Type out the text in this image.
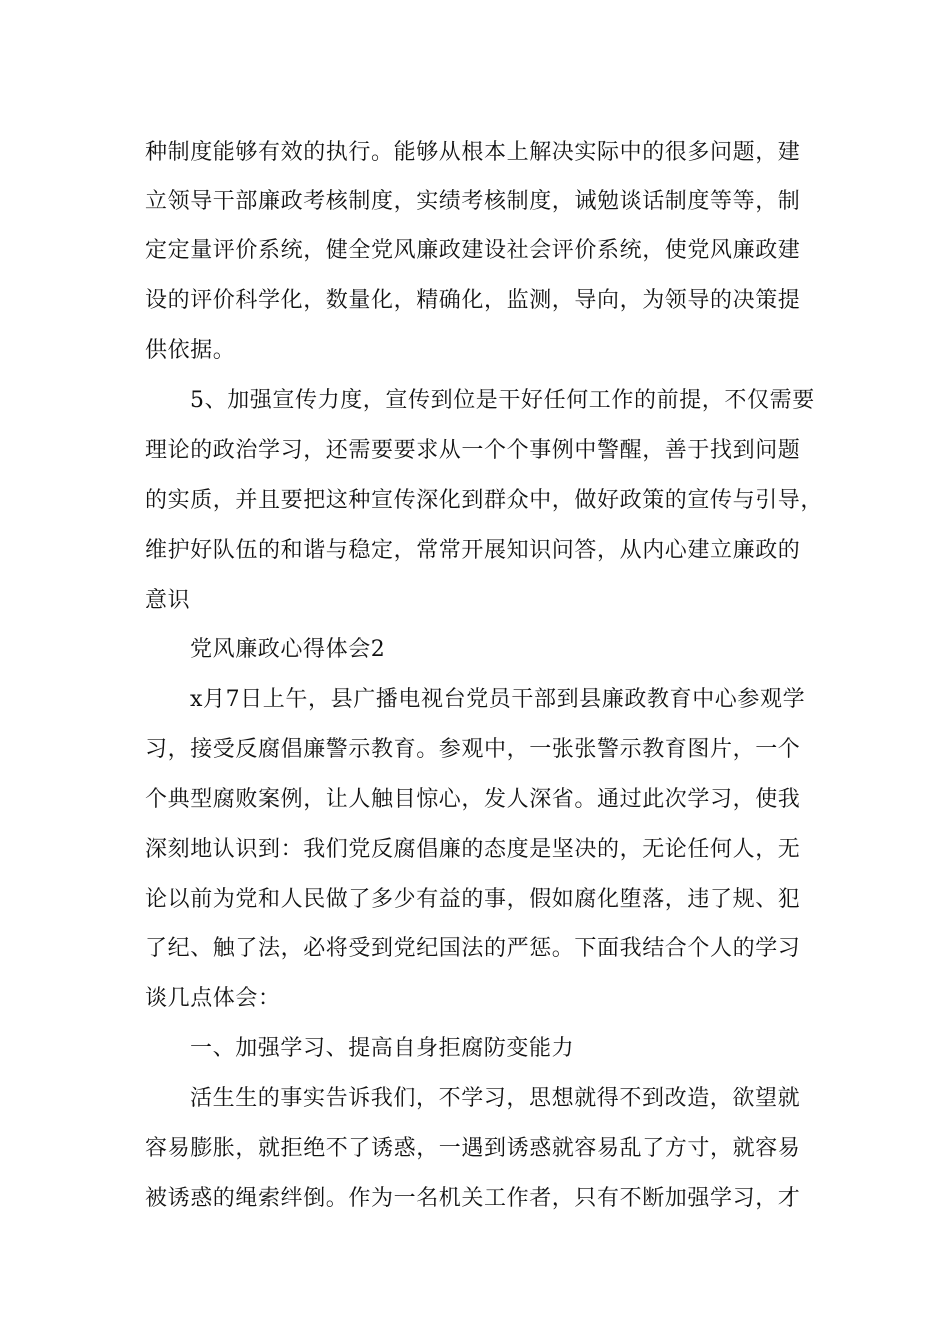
种制度能够有效的执行。能够从根本上解决实际中的很多问题，建
立领导干部廉政考核制度，实绩考核制度，诫勉谈话制度等等，制
定定量评价系统，健全党风廉政建设社会评价系统，使党风廉政建
设的评价科学化，数量化，精确化，监测，导向，为领导的决策提
供依据。
5、加强宣传力度，宣传到位是干好任何工作的前提，不仅需要
理论的政治学习，还需要要求从一个个事例中警醒，善于找到问题
的实质，并且要把这种宣传深化到群众中，做好政策的宣传与引导，
维护好队伍的和谐与稳定，常常开展知识问答，从内心建立廉政的
意识
党风廉政心得体会2
x月7日上午，县广播电视台党员干部到县廉政教育中心参观学
习，接受反腐倡廉警示教育。参观中，一张张警示教育图片，一个
个典型腐败案例，让人触目惊心，发人深省。通过此次学习，使我
深刻地认识到：我们党反腐倡廉的态度是坚决的，无论任何人，无
论以前为党和人民做了多少有益的事，假如腐化堕落，违了规、犯
了纪、触了法，必将受到党纪国法的严惩。下面我结合个人的学习
谈几点体会：
一、加强学习、提高自身拒腐防变能力
活生生的事实告诉我们，不学习，思想就得不到改造，欲望就
容易膨胀，就拒绝不了诱惑，一遇到诱惑就容易乱了方寸，就容易
被诱惑的绳索绊倒。作为一名机关工作者，只有不断加强学习，才
